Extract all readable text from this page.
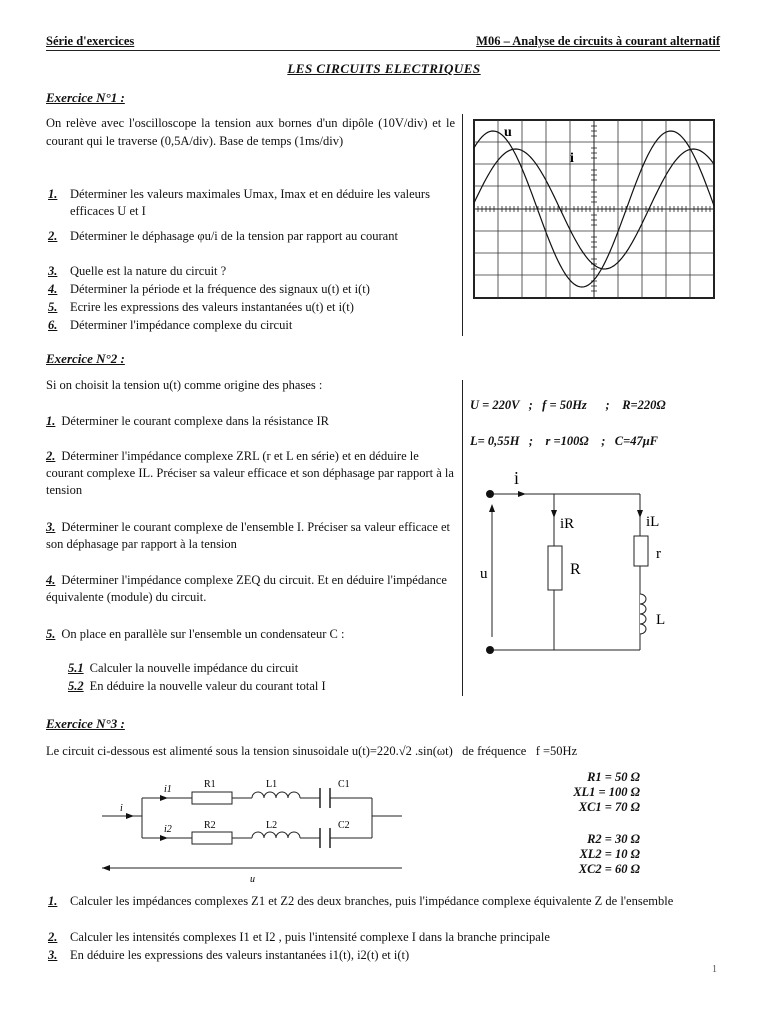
Série d'exercices	M06 – Analyse de circuits à courant alternatif
LES CIRCUITS ELECTRIQUES
Exercice N°1 :
On relève avec l'oscilloscope la tension aux bornes d'un dipôle (10V/div) et le courant qui le traverse (0,5A/div). Base de temps (1ms/div)
1. Déterminer les valeurs maximales Umax, Imax et en déduire les valeurs efficaces U et I
2. Déterminer le déphasage φu/i de la tension par rapport au courant
3. Quelle est la nature du circuit ?
4. Déterminer la période et la fréquence des signaux u(t) et i(t)
5. Ecrire les expressions des valeurs instantanées u(t) et i(t)
6. Déterminer l'impédance complexe du circuit
u
i
Exercice N°2 :
Si on choisit la tension u(t) comme origine des phases :
1. Déterminer le courant complexe dans la résistance IR
2. Déterminer l'impédance complexe ZRL (r et L en série) et en déduire le courant complexe IL. Préciser sa valeur efficace et son déphasage par rapport à la tension
3. Déterminer le courant complexe de l'ensemble I. Préciser sa valeur efficace et son déphasage par rapport à la tension
4. Déterminer l'impédance complexe ZEQ du circuit. Et en déduire l'impédance équivalente (module) du circuit.
5. On place en parallèle sur l'ensemble un condensateur C :
5.1 Calculer la nouvelle impédance du circuit
5.2 En déduire la nouvelle valeur du courant total I
U = 220V   ;   f = 50Hz      ;    R=220Ω
L= 0,55H   ;    r =100Ω    ;   C=47μF
i
iR	iL
u	R
r
L
Exercice N°3 :
Le circuit ci-dessous est alimenté sous la tension sinusoidale u(t)=220.√2 .sin(ωt)   de fréquence   f =50Hz
i
i1
i2
R1	L1	C1
R2	L2	C2
u
R1 = 50 Ω
XL1 = 100 Ω
XC1 = 70 Ω
R2 = 30 Ω
XL2 = 10 Ω
XC2 = 60 Ω
1. Calculer les impédances complexes Z1 et Z2 des deux branches, puis l'impédance complexe équivalente Z de l'ensemble
2. Calculer les intensités complexes I1 et I2 , puis l'intensité complexe I dans la branche principale
3. En déduire les expressions des valeurs instantanées i1(t), i2(t) et i(t)
1
